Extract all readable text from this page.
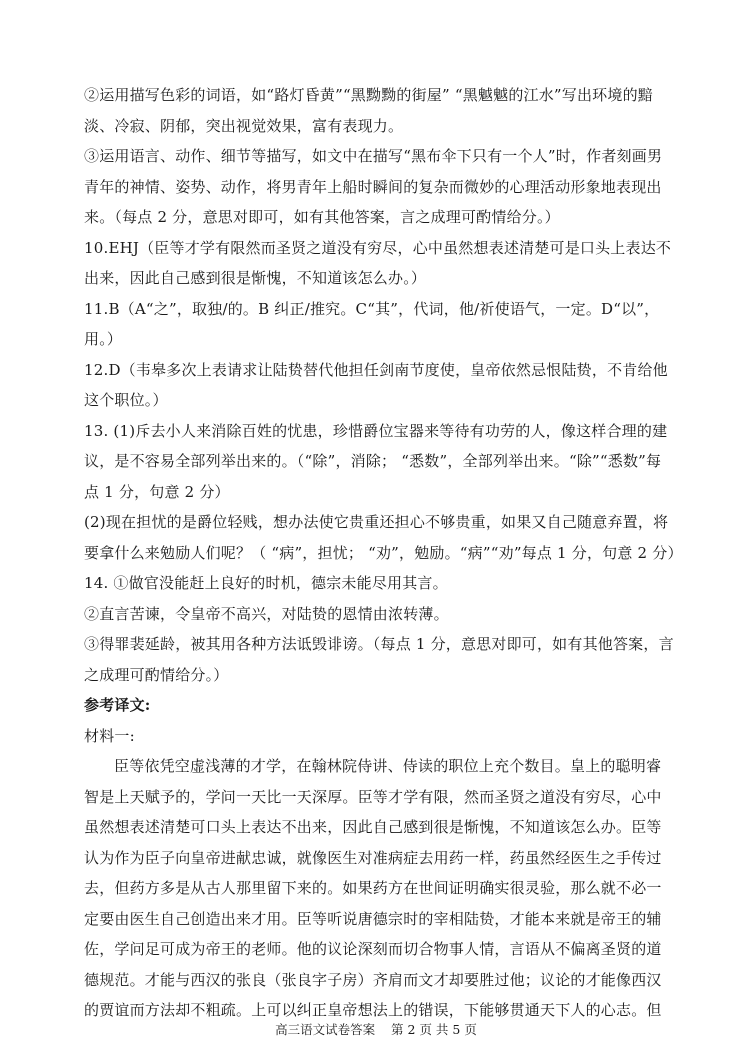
②运用描写色彩的词语，如“路灯昏黄”“黑黝黝的街屋” “黑魆魆的江水”写出环境的黯淡、冷寂、阴郁，突出视觉效果，富有表现力。

③运用语言、动作、细节等描写，如文中在描写“黑布伞下只有一个人”时，作者刻画男青年的神情、姿势、动作，将男青年上船时瞬间的复杂而微妙的心理活动形象地表现出来。（每点 2 分，意思对即可，如有其他答案，言之成理可酌情给分。）

10.EHJ（臣等才学有限然而圣贤之道没有穷尽，心中虽然想表述清楚可是口头上表达不出来，因此自己感到很是惭愧，不知道该怎么办。）

11.B（A“之”，取独/的。B 纠正/推究。C“其”，代词，他/祈使语气，一定。D“以”，用。）

12.D（韦皋多次上表请求让陆贽替代他担任剑南节度使，皇帝依然忌恨陆贽，不肯给他这个职位。）

13. (1)斥去小人来消除百姓的忧患，珍惜爵位宝器来等待有功劳的人，像这样合理的建议，是不容易全部列举出来的。（“除”，消除； “悉数”，全部列举出来。“除”“悉数”每点 1 分，句意 2 分）

(2)现在担忧的是爵位轻贱，想办法使它贵重还担心不够贵重，如果又自己随意弃置，将要拿什么来勉励人们呢？（ “病”，担忧； “劝”，勉励。“病”“劝”每点 1 分，句意 2 分）

14. ①做官没能赶上良好的时机，德宗未能尽用其言。

②直言苦谏，令皇帝不高兴，对陆贽的恩情由浓转薄。

③得罪裴延龄，被其用各种方法诋毁诽谤。（每点 1 分，意思对即可，如有其他答案，言之成理可酌情给分。）

参考译文:

材料一:

臣等依凭空虚浅薄的才学，在翰林院侍讲、侍读的职位上充个数目。皇上的聪明睿智是上天赋予的，学问一天比一天深厚。臣等才学有限，然而圣贤之道没有穷尽，心中虽然想表述清楚可口头上表达不出来，因此自己感到很是惭愧，不知道该怎么办。臣等认为作为臣子向皇帝进献忠诚，就像医生对准病症去用药一样，药虽然经医生之手传过去，但药方多是从古人那里留下来的。如果药方在世间证明确实很灵验，那么就不必一定要由医生自己创造出来才用。臣等听说唐德宗时的宰相陆贽，才能本来就是帝王的辅佐，学问足可成为帝王的老师。他的议论深刻而切合物事人情，言语从不偏离圣贤的道德规范。才能与西汉的张良（张良字子房）齐肩而文才却要胜过他；议论的才能像西汉的贾谊而方法却不粗疏。上可以纠正皇帝想法上的错误，下能够贯通天下人的心志。但

高三语文试卷答案    第 2 页 共 5 页
